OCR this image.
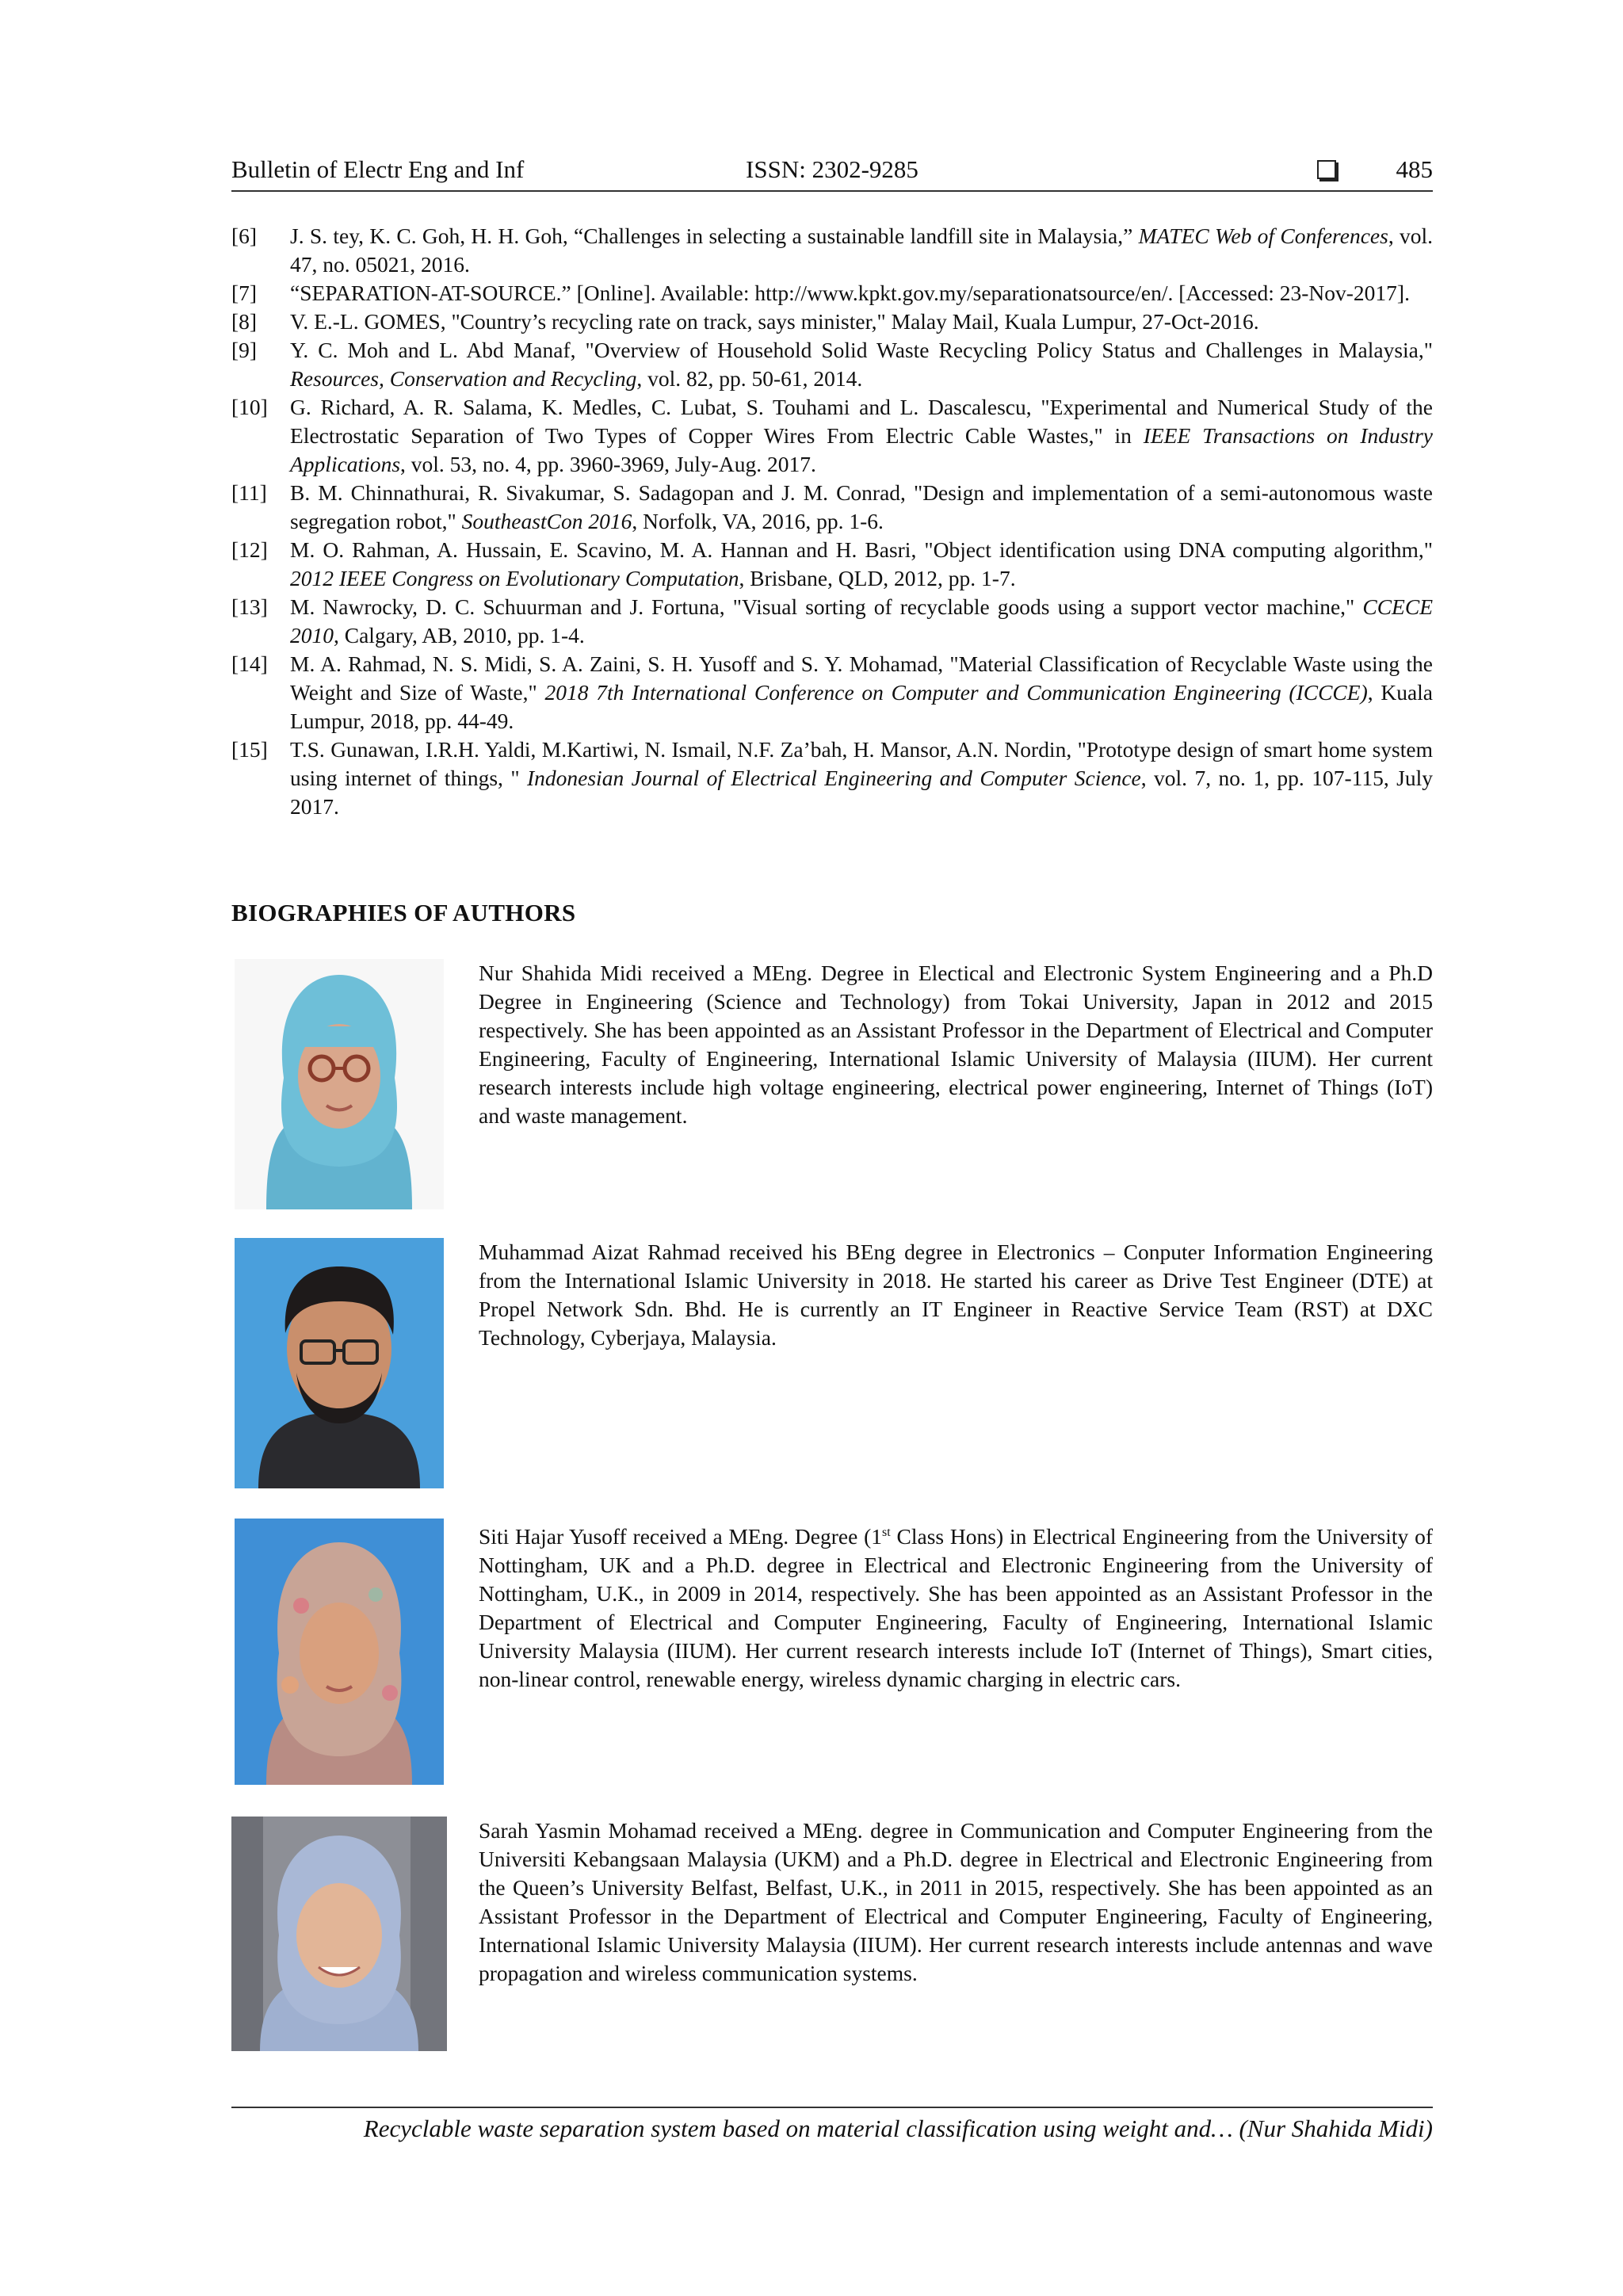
Bulletin of Electr Eng and Inf	ISSN: 2302-9285	485
[6]	J. S. tey, K. C. Goh, H. H. Goh, “Challenges in selecting a sustainable landfill site in Malaysia,” MATEC Web of Conferences, vol. 47, no. 05021, 2016.
[7]	“SEPARATION-AT-SOURCE.” [Online]. Available: http://www.kpkt.gov.my/separationatsource/en/. [Accessed: 23-Nov-2017].
[8]	V. E.-L. GOMES, "Country’s recycling rate on track, says minister," Malay Mail, Kuala Lumpur, 27-Oct-2016.
[9]	Y. C. Moh and L. Abd Manaf, "Overview of Household Solid Waste Recycling Policy Status and Challenges in Malaysia," Resources, Conservation and Recycling, vol. 82, pp. 50-61, 2014.
[10]	G. Richard, A. R. Salama, K. Medles, C. Lubat, S. Touhami and L. Dascalescu, "Experimental and Numerical Study of the Electrostatic Separation of Two Types of Copper Wires From Electric Cable Wastes," in IEEE Transactions on Industry Applications, vol. 53, no. 4, pp. 3960-3969, July-Aug. 2017.
[11]	B. M. Chinnathurai, R. Sivakumar, S. Sadagopan and J. M. Conrad, "Design and implementation of a semi-autonomous waste segregation robot," SoutheastCon 2016, Norfolk, VA, 2016, pp. 1-6.
[12]	M. O. Rahman, A. Hussain, E. Scavino, M. A. Hannan and H. Basri, "Object identification using DNA computing algorithm," 2012 IEEE Congress on Evolutionary Computation, Brisbane, QLD, 2012, pp. 1-7.
[13]	M. Nawrocky, D. C. Schuurman and J. Fortuna, "Visual sorting of recyclable goods using a support vector machine," CCECE 2010, Calgary, AB, 2010, pp. 1-4.
[14]	M. A. Rahmad, N. S. Midi, S. A. Zaini, S. H. Yusoff and S. Y. Mohamad, "Material Classification of Recyclable Waste using the Weight and Size of Waste," 2018 7th International Conference on Computer and Communication Engineering (ICCCE), Kuala Lumpur, 2018, pp. 44-49.
[15]	T.S. Gunawan, I.R.H. Yaldi, M.Kartiwi, N. Ismail, N.F. Za’bah, H. Mansor, A.N. Nordin, "Prototype design of smart home system using internet of things, " Indonesian Journal of Electrical Engineering and Computer Science, vol. 7, no. 1, pp. 107-115, July 2017.
BIOGRAPHIES OF AUTHORS
Nur Shahida Midi received a MEng. Degree in Electical and Electronic System Engineering and a Ph.D Degree in Engineering (Science and Technology) from Tokai University, Japan in 2012 and 2015 respectively. She has been appointed as an Assistant Professor in the Department of Electrical and Computer Engineering, Faculty of Engineering, International Islamic University of Malaysia (IIUM). Her current research interests include high voltage engineering, electrical power engineering, Internet of Things (IoT) and waste management.
Muhammad Aizat Rahmad received his BEng degree in Electronics – Conputer Information Engineering from the International Islamic University in 2018. He started his career as Drive Test Engineer (DTE) at Propel Network Sdn. Bhd. He is currently an IT Engineer in Reactive Service Team (RST) at DXC Technology, Cyberjaya, Malaysia.
Siti Hajar Yusoff received a MEng. Degree (1st Class Hons) in Electrical Engineering from the University of Nottingham, UK and a Ph.D. degree in Electrical and Electronic Engineering from the University of Nottingham, U.K., in 2009 in 2014, respectively. She has been appointed as an Assistant Professor in the Department of Electrical and Computer Engineering, Faculty of Engineering, International Islamic University Malaysia (IIUM). Her current research interests include IoT (Internet of Things), Smart cities, non-linear control, renewable energy, wireless dynamic charging in electric cars.
Sarah Yasmin Mohamad received a MEng. degree in Communication and Computer Engineering from the Universiti Kebangsaan Malaysia (UKM) and a Ph.D. degree in Electrical and Electronic Engineering from the Queen’s University Belfast, Belfast, U.K., in 2011 in 2015, respectively. She has been appointed as an Assistant Professor in the Department of Electrical and Computer Engineering, Faculty of Engineering, International Islamic University Malaysia (IIUM). Her current research interests include antennas and wave propagation and wireless communication systems.
Recyclable waste separation system based on material classification using weight and… (Nur Shahida Midi)
